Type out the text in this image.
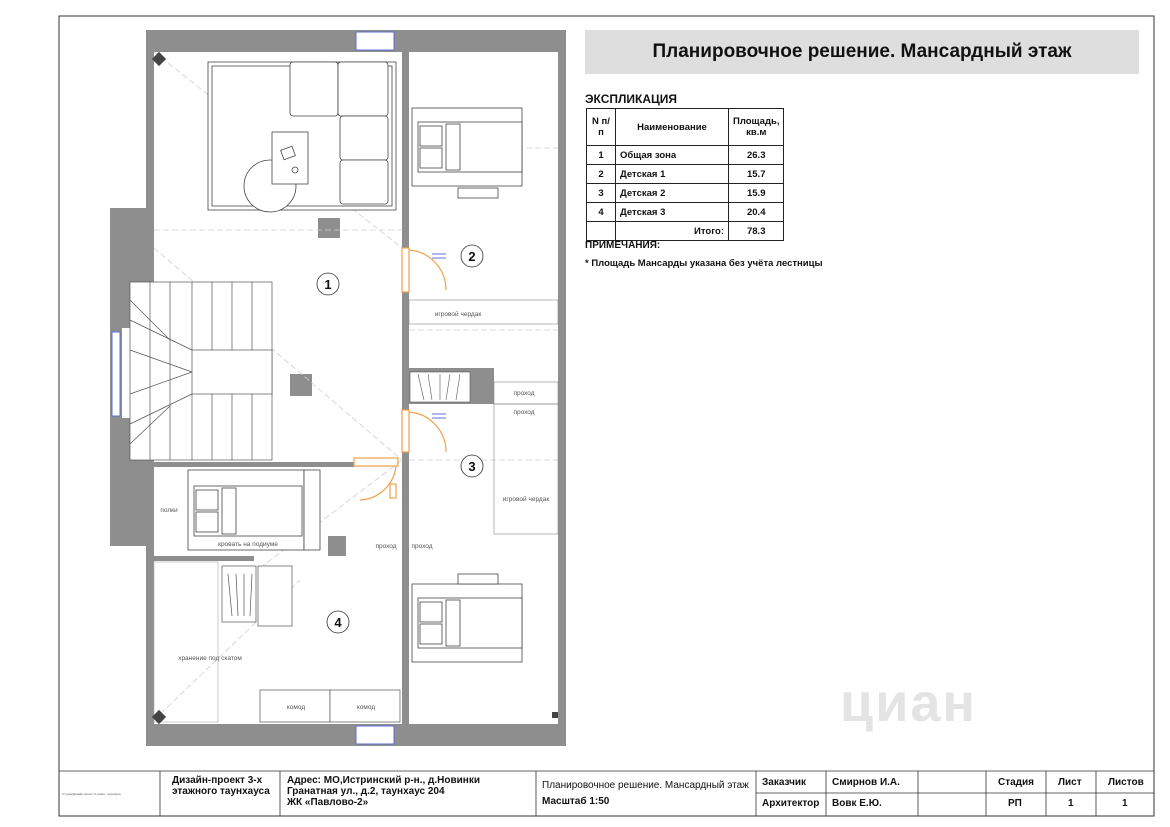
1
2
3
4
игровой чердак
проход
проход
игровой чердак
проход проход
полки
кровать на подиуме
хранение под скатом
комод	комод	циан
Планировочное решение. Мансардный этаж
ЭКСПЛИКАЦИЯ
N п/п	Наименование	Площадь, кв.м
1	Общая зона	26.3
2	Детская 1	15.7
3	Детская 2	15.9
4	Детская 3	20.4
	Итого:	78.3
ПРИМЕЧАНИЯ:
* Площадь Мансарды указана без учёта лестницы
Студия/Дизайн-проект-3-этажн. таунхауса
Дизайн-проект 3-х этажного таунхауса
Адрес: МО,Истринский р-н., д.Новинки
Гранатная ул., д.2, таунхаус 204
ЖК «Павлово-2»
Планировочное решение. Мансардный этаж
Масштаб 1:50
Заказчик	Смирнов И.А.
Архитектор Вовк Е.Ю.
Стадия
РП
Лист
1
Листов
1
